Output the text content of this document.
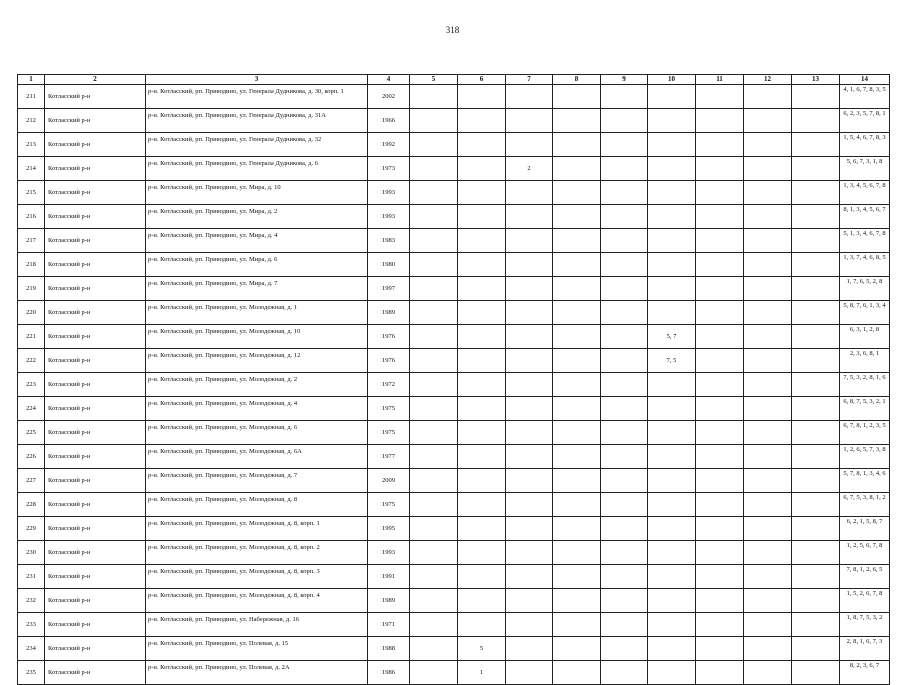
318
1	2	3	4	5	6	7	8	9	10	11	12	13	14
211	Котласский р-н	р-н. Котласский, рп. Приводино, ул. Генерала Дудникова, д. 30, корп. 1	2002										4, 1, 6, 7, 8, 3, 5
212	Котласский р-н	р-н. Котласский, рп. Приводино, ул. Генерала Дудникова, д. 31А	1966										6, 2, 3, 5, 7, 8, 1
213	Котласский р-н	р-н. Котласский, рп. Приводино, ул. Генерала Дудникова, д. 32	1992										1, 5, 4, 6, 7, 8, 3
214	Котласский р-н	р-н. Котласский, рп. Приводино, ул. Генерала Дудникова, д. 6	1973			2							5, 6, 7, 3, 1, 8
215	Котласский р-н	р-н. Котласский, рп. Приводино, ул. Мира, д. 10	1993										1, 3, 4, 5, 6, 7, 8
216	Котласский р-н	р-н. Котласский, рп. Приводино, ул. Мира, д. 2	1993										8, 1, 3, 4, 5, 6, 7
217	Котласский р-н	р-н. Котласский, рп. Приводино, ул. Мира, д. 4	1983										5, 1, 3, 4, 6, 7, 8
218	Котласский р-н	р-н. Котласский, рп. Приводино, ул. Мира, д. 6	1980										1, 3, 7, 4, 6, 8, 5
219	Котласский р-н	р-н. Котласский, рп. Приводино, ул. Мира, д. 7	1997										1, 7, 6, 5, 2, 8
220	Котласский р-н	р-н. Котласский, рп. Приводино, ул. Молодежная, д. 1	1989										5, 8, 7, 6, 1, 3, 4
221	Котласский р-н	р-н. Котласский, рп. Приводино, ул. Молодежная, д. 10	1976						5, 7				6, 3, 1, 2, 8
222	Котласский р-н	р-н. Котласский, рп. Приводино, ул. Молодежная, д. 12	1976						7, 5				2, 3, 6, 8, 1
223	Котласский р-н	р-н. Котласский, рп. Приводино, ул. Молодежная, д. 2	1972										7, 5, 3, 2, 8, 1, 6
224	Котласский р-н	р-н. Котласский, рп. Приводино, ул. Молодежная, д. 4	1975										6, 8, 7, 5, 3, 2, 1
225	Котласский р-н	р-н. Котласский, рп. Приводино, ул. Молодежная, д. 6	1975										6, 7, 8, 1, 2, 3, 5
226	Котласский р-н	р-н. Котласский, рп. Приводино, ул. Молодежная, д. 6А	1977										1, 2, 6, 5, 7, 3, 8
227	Котласский р-н	р-н. Котласский, рп. Приводино, ул. Молодежная, д. 7	2009										5, 7, 8, 1, 3, 4, 6
228	Котласский р-н	р-н. Котласский, рп. Приводино, ул. Молодежная, д. 8	1975										6, 7, 5, 3, 8, 1, 2
229	Котласский р-н	р-н. Котласский, рп. Приводино, ул. Молодежная, д. 8, корп. 1	1995										6, 2, 1, 5, 8, 7
230	Котласский р-н	р-н. Котласский, рп. Приводино, ул. Молодежная, д. 8, корп. 2	1993										1, 2, 5, 6, 7, 8
231	Котласский р-н	р-н. Котласский, рп. Приводино, ул. Молодежная, д. 8, корп. 3	1991										7, 8, 1, 2, 6, 5
232	Котласский р-н	р-н. Котласский, рп. Приводино, ул. Молодежная, д. 8, корп. 4	1989										1, 5, 2, 6, 7, 8
233	Котласский р-н	р-н. Котласский, рп. Приводино, ул. Набережная, д. 16	1971										1, 8, 7, 5, 3, 2
234	Котласский р-н	р-н. Котласский, рп. Приводино, ул. Полевая, д. 15	1988		5								2, 8, 1, 6, 7, 3
235	Котласский р-н	р-н. Котласский, рп. Приводино, ул. Полевая, д. 2А	1986		1								8, 2, 3, 6, 7
